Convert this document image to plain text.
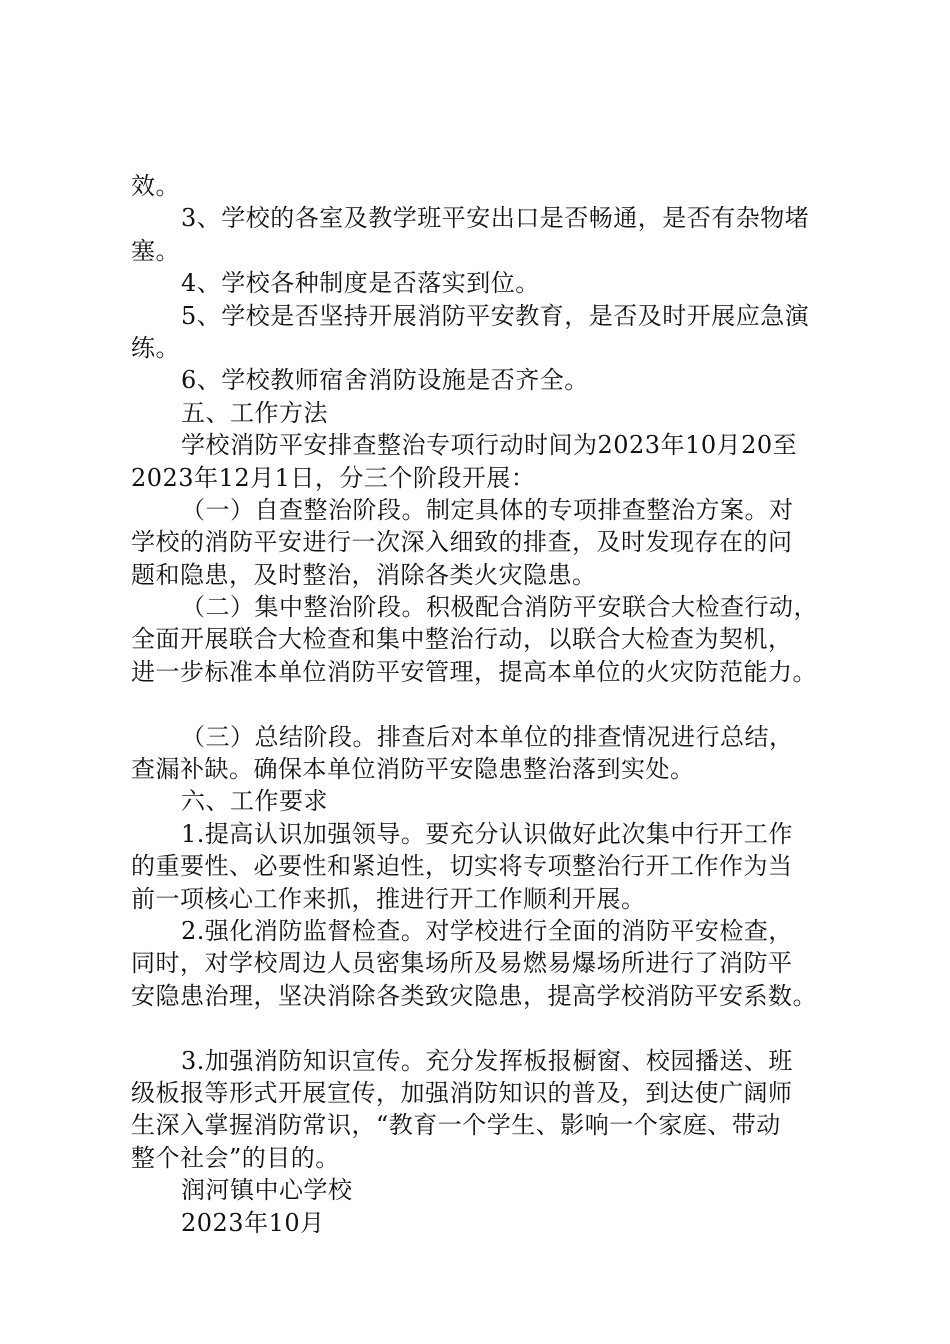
效。
3、学校的各室及教学班平安出口是否畅通，是否有杂物堵
塞。
4、学校各种制度是否落实到位。
5、学校是否坚持开展消防平安教育，是否及时开展应急演
练。
6、学校教师宿舍消防设施是否齐全。
五、工作方法
学校消防平安排查整治专项行动时间为2023年10月20至
2023年12月1日，分三个阶段开展：
（一）自查整治阶段。制定具体的专项排查整治方案。对
学校的消防平安进行一次深入细致的排查，及时发现存在的问
题和隐患，及时整治，消除各类火灾隐患。
（二）集中整治阶段。积极配合消防平安联合大检查行动，
全面开展联合大检查和集中整治行动，以联合大检查为契机，
进一步标准本单位消防平安管理，提高本单位的火灾防范能力。
（三）总结阶段。排查后对本单位的排查情况进行总结，
查漏补缺。确保本单位消防平安隐患整治落到实处。
六、工作要求
1.提高认识加强领导。要充分认识做好此次集中行开工作
的重要性、必要性和紧迫性，切实将专项整治行开工作作为当
前一项核心工作来抓，推进行开工作顺利开展。
2.强化消防监督检查。对学校进行全面的消防平安检查，
同时，对学校周边人员密集场所及易燃易爆场所进行了消防平
安隐患治理，坚决消除各类致灾隐患，提高学校消防平安系数。
3.加强消防知识宣传。充分发挥板报橱窗、校园播送、班
级板报等形式开展宣传，加强消防知识的普及，到达使广阔师
生深入掌握消防常识，“教育一个学生、影响一个家庭、带动
整个社会”的目的。
润河镇中心学校
2023年10月
